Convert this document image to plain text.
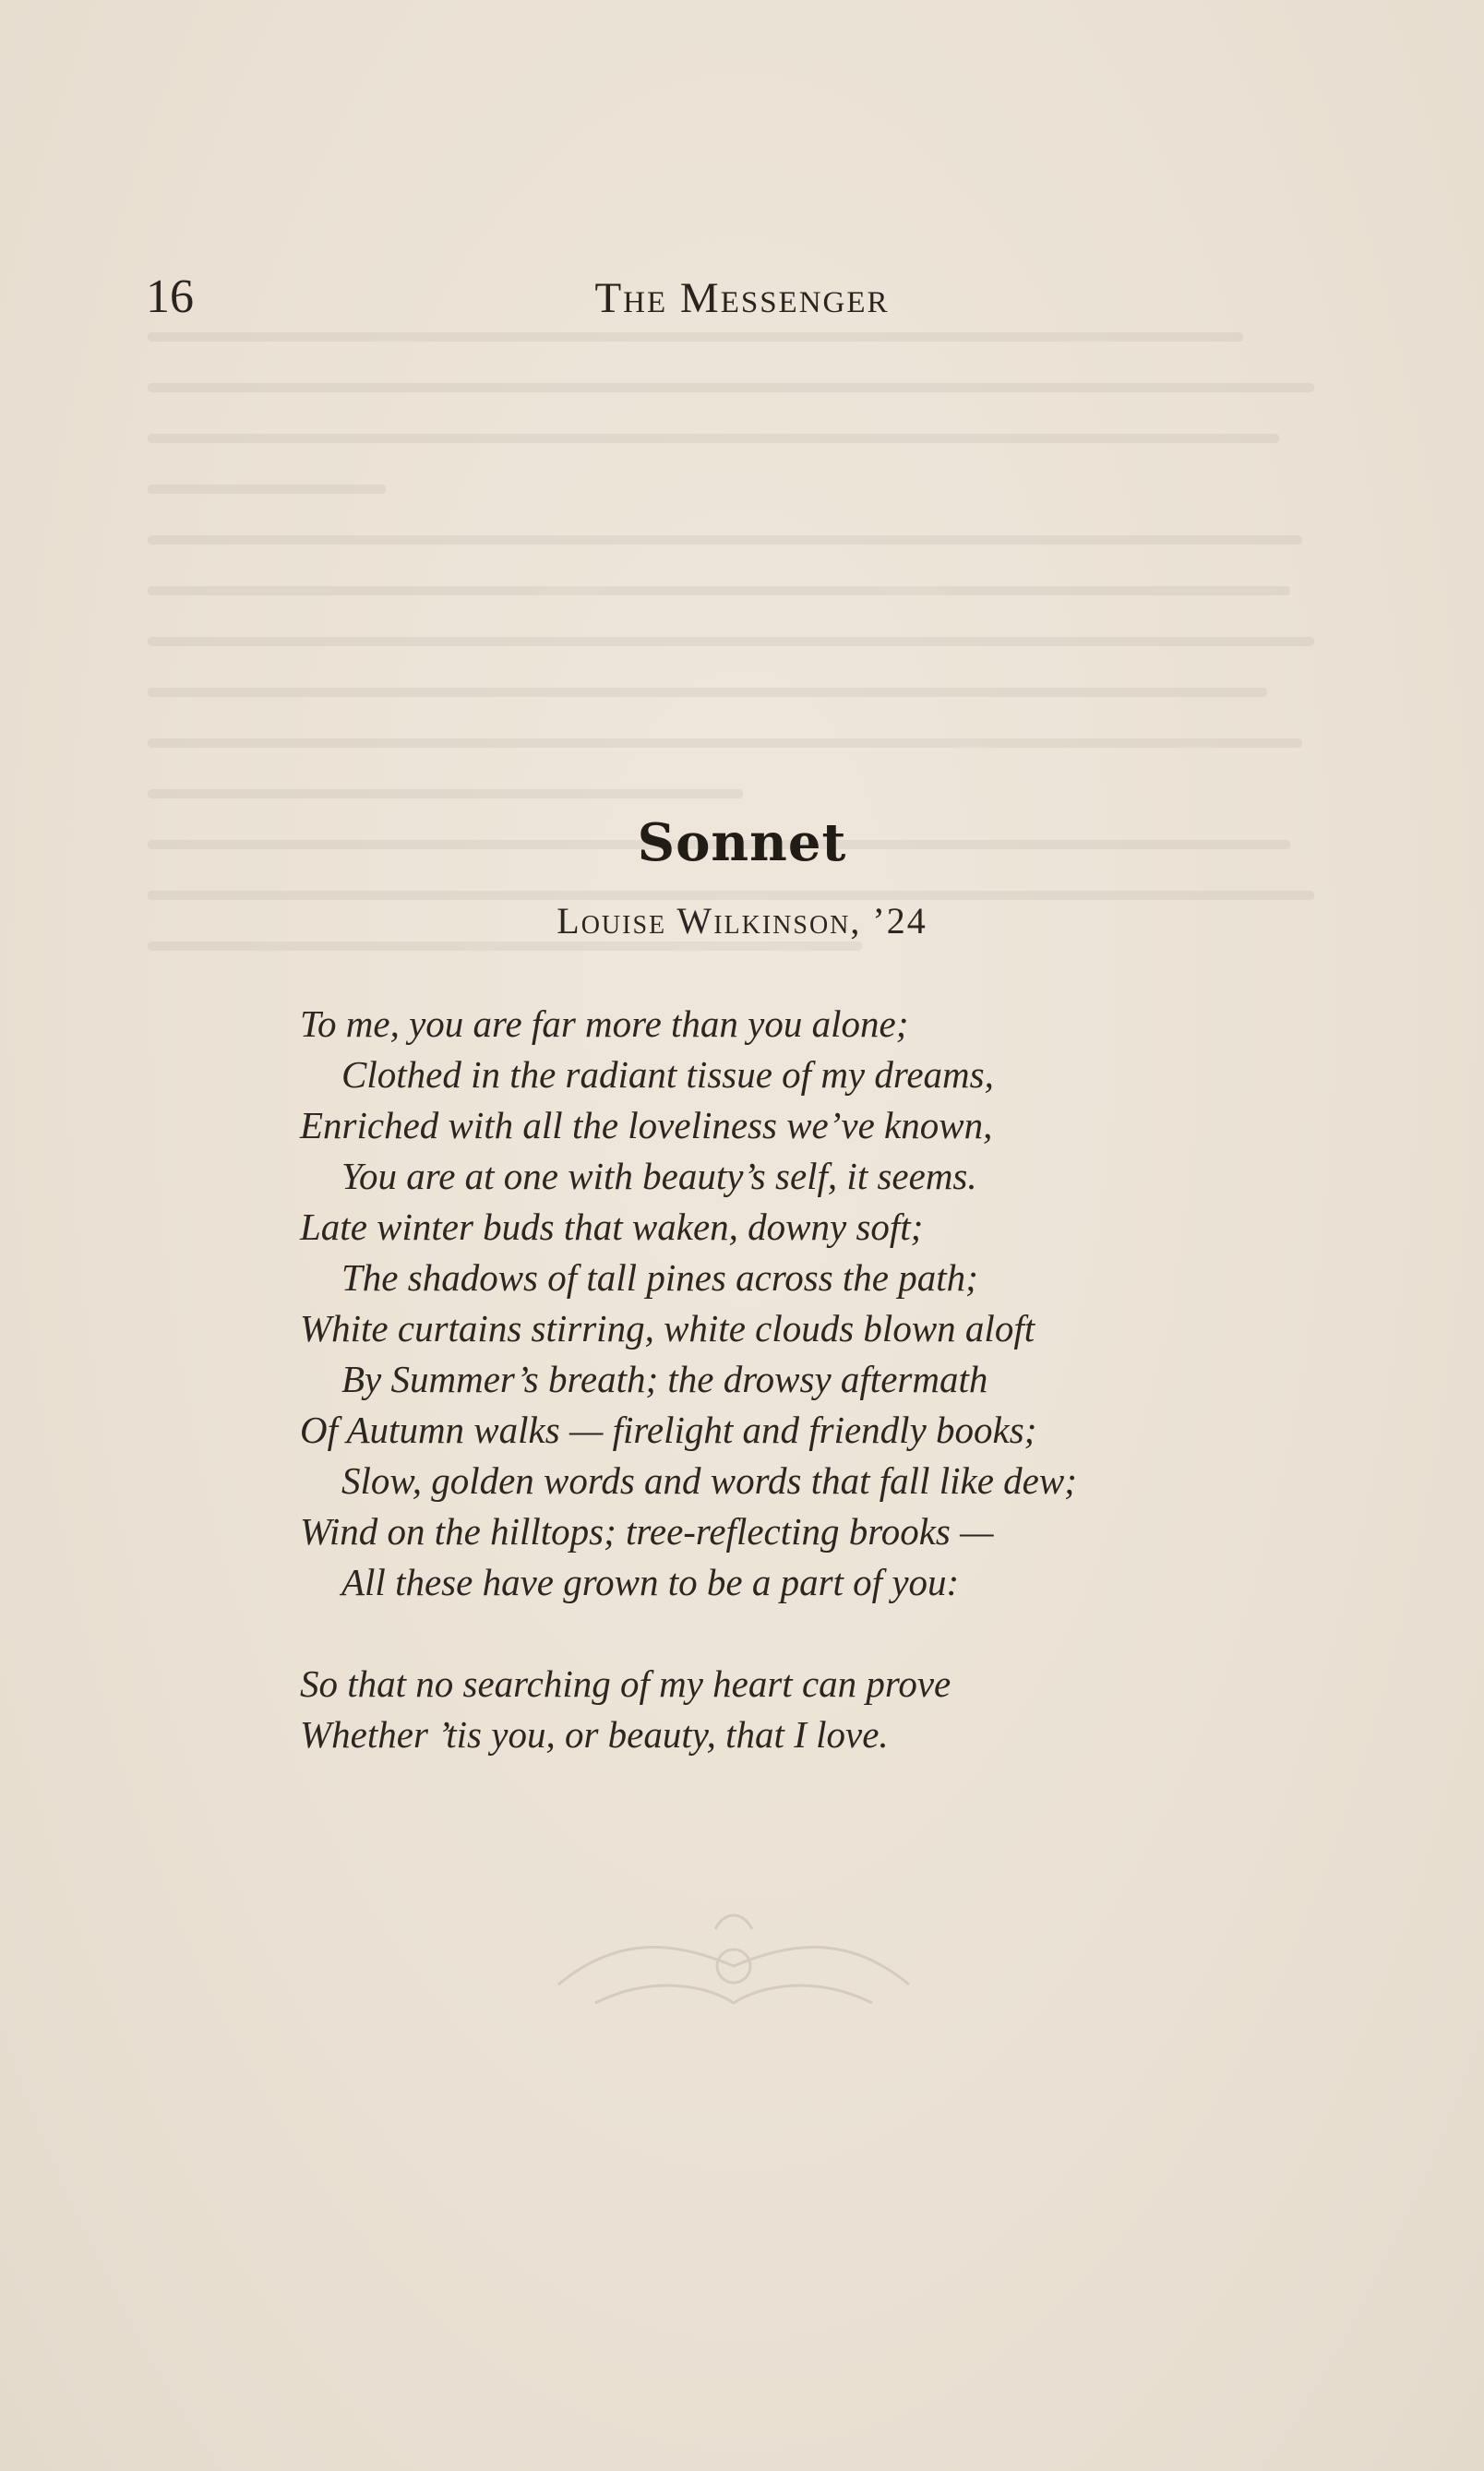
16	The Messenger
Sonnet
Louise Wilkinson, ’24
To me, you are far more than you alone;
Clothed in the radiant tissue of my dreams,
Enriched with all the loveliness we’ve known,
You are at one with beauty’s self, it seems.
Late winter buds that waken, downy soft;
The shadows of tall pines across the path;
White curtains stirring, white clouds blown aloft
By Summer’s breath; the drowsy aftermath
Of Autumn walks — firelight and friendly books;
Slow, golden words and words that fall like dew;
Wind on the hilltops; tree-reflecting brooks —
All these have grown to be a part of you:
So that no searching of my heart can prove
Whether ’tis you, or beauty, that I love.
